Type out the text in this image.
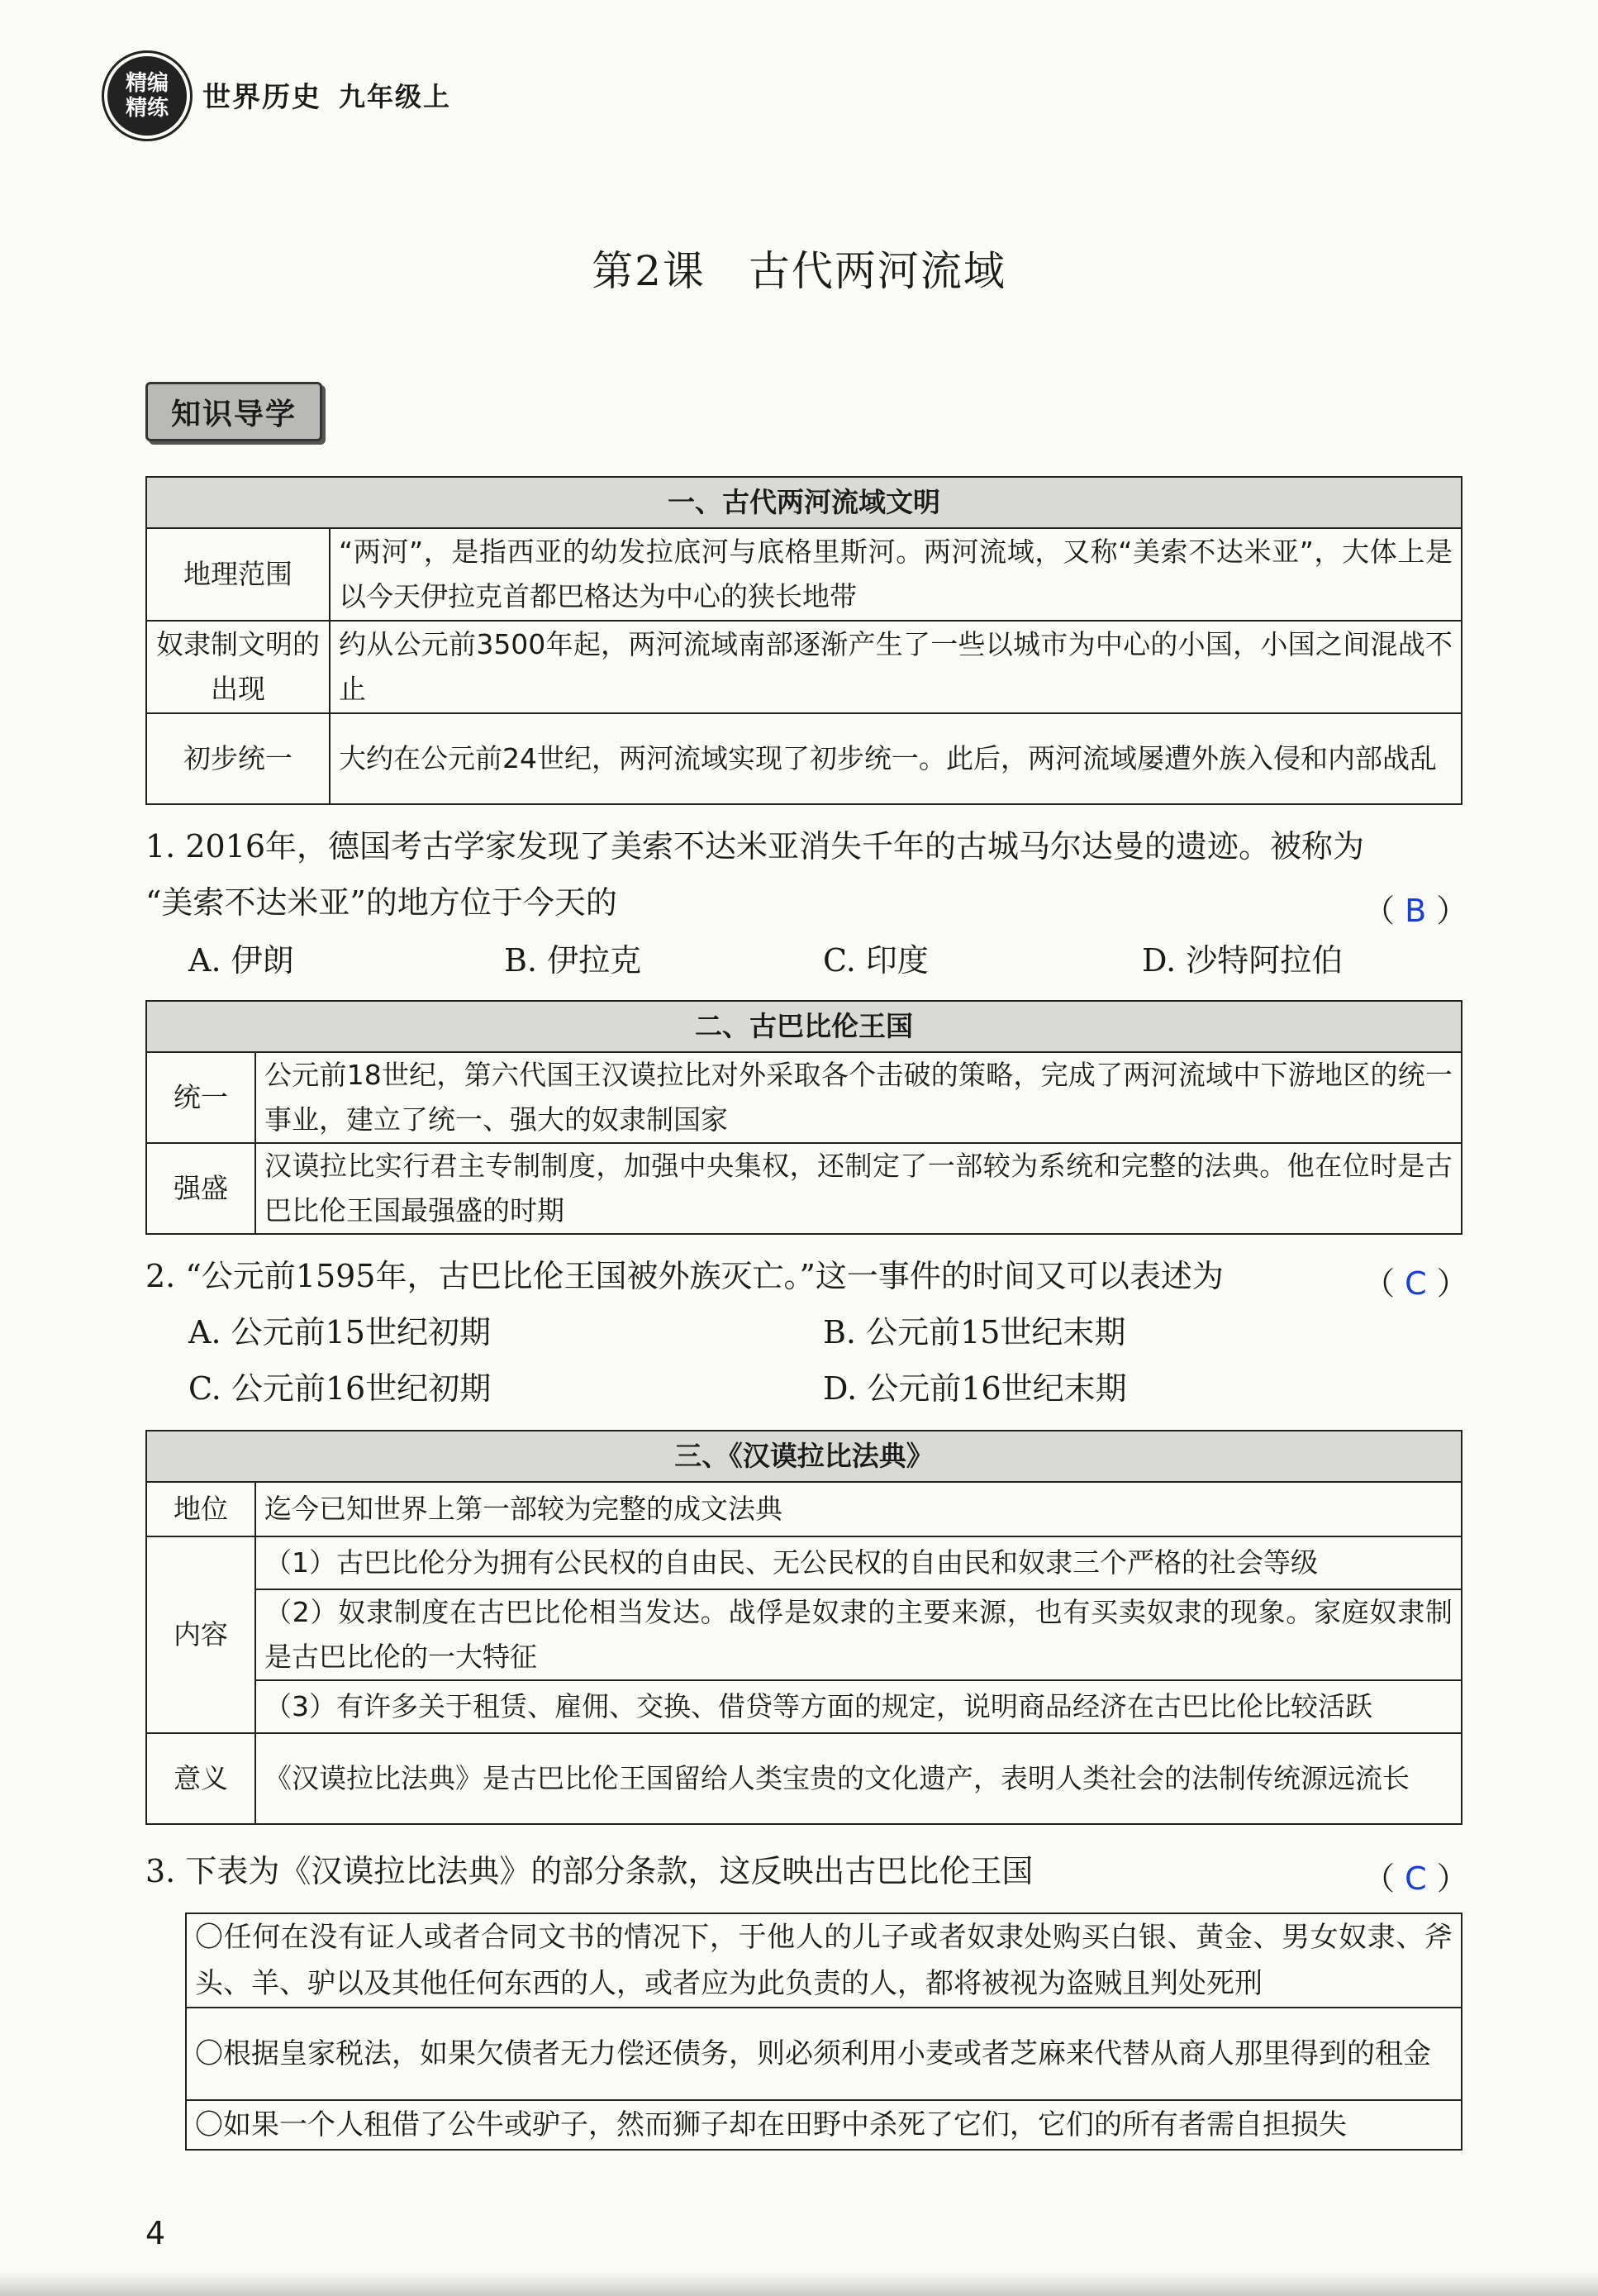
精编
精练 世界历史 九年级上
第2课　古代两河流域
知识导学
一、古代两河流域文明	
地理范围	“两河”，是指西亚的幼发拉底河与底格里斯河。两河流域，又称“美索不达米亚”，大体上是以今天伊拉克首都巴格达为中心的狭长地带
奴隶制文明的出现	约从公元前3500年起，两河流域南部逐渐产生了一些以城市为中心的小国，小国之间混战不止
初步统一	大约在公元前24世纪，两河流域实现了初步统一。此后，两河流域屡遭外族入侵和内部战乱
1. 2016年，德国考古学家发现了美索不达米亚消失千年的古城马尔达曼的遗迹。被称为
“美索不达米亚”的地方位于今天的	（ B ）
A. 伊朗	B. 伊拉克	C. 印度	D. 沙特阿拉伯
二、古巴比伦王国	
统一	公元前18世纪，第六代国王汉谟拉比对外采取各个击破的策略，完成了两河流域中下游地区的统一事业，建立了统一、强大的奴隶制国家
强盛	汉谟拉比实行君主专制制度，加强中央集权，还制定了一部较为系统和完整的法典。他在位时是古巴比伦王国最强盛的时期
2. “公元前1595年，古巴比伦王国被外族灭亡。”这一事件的时间又可以表述为	（ C ）
A. 公元前15世纪初期	B. 公元前15世纪末期
C. 公元前16世纪初期	D. 公元前16世纪末期
三、《汉谟拉比法典》	
地位	迄今已知世界上第一部较为完整的成文法典
内容	（1）古巴比伦分为拥有公民权的自由民、无公民权的自由民和奴隶三个严格的社会等级
	（2）奴隶制度在古巴比伦相当发达。战俘是奴隶的主要来源，也有买卖奴隶的现象。家庭奴隶制是古巴比伦的一大特征
	（3）有许多关于租赁、雇佣、交换、借贷等方面的规定，说明商品经济在古巴比伦比较活跃
意义	《汉谟拉比法典》是古巴比伦王国留给人类宝贵的文化遗产，表明人类社会的法制传统源远流长
3. 下表为《汉谟拉比法典》的部分条款，这反映出古巴比伦王国	（ C ）
〇任何在没有证人或者合同文书的情况下，于他人的儿子或者奴隶处购买白银、黄金、男女奴隶、斧头、羊、驴以及其他任何东西的人，或者应为此负责的人，都将被视为盗贼且判处死刑
〇根据皇家税法，如果欠债者无力偿还债务，则必须利用小麦或者芝麻来代替从商人那里得到的租金
〇如果一个人租借了公牛或驴子，然而狮子却在田野中杀死了它们，它们的所有者需自担损失
4
